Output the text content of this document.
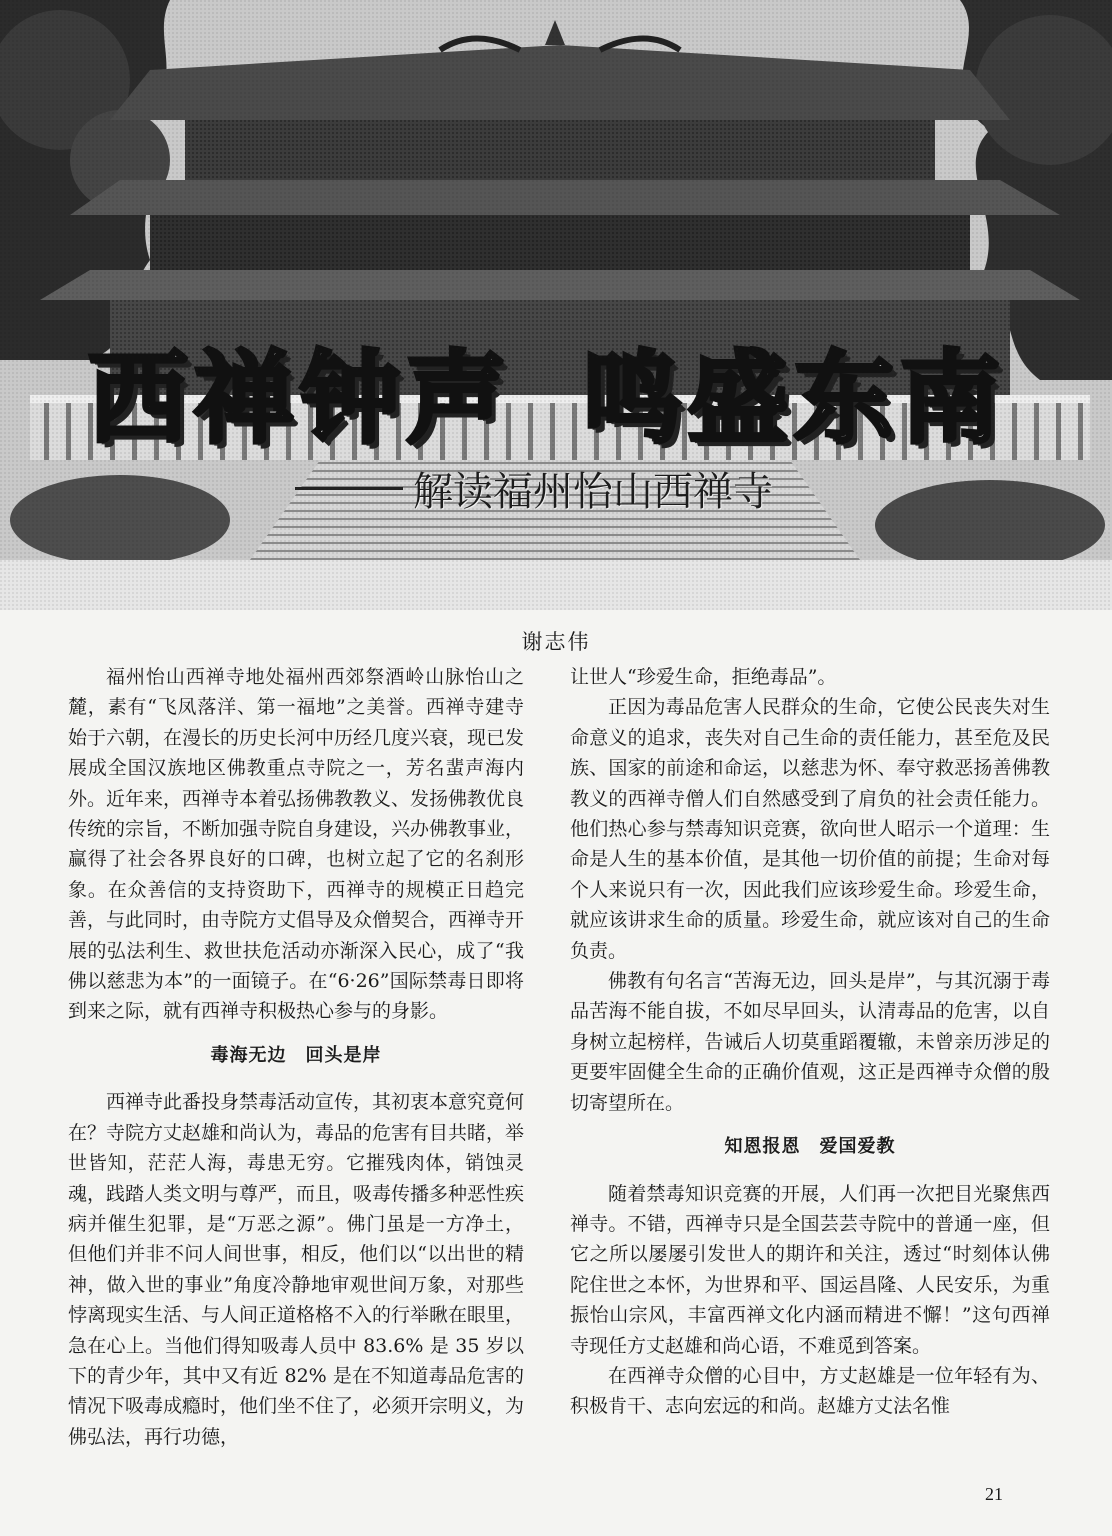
西禅钟声 鸣盛东南
解读福州怡山西禅寺
谢志伟

福州怡山西禅寺地处福州西郊祭酒岭山脉怡山之麓，素有“飞凤落洋、第一福地”之美誉。西禅寺建寺始于六朝，在漫长的历史长河中历经几度兴衰，现已发展成全国汉族地区佛教重点寺院之一，芳名蜚声海内外。近年来，西禅寺本着弘扬佛教教义、发扬佛教优良传统的宗旨，不断加强寺院自身建设，兴办佛教事业，赢得了社会各界良好的口碑，也树立起了它的名刹形象。在众善信的支持资助下，西禅寺的规模正日趋完善，与此同时，由寺院方丈倡导及众僧契合，西禅寺开展的弘法利生、救世扶危活动亦渐深入民心，成了“我佛以慈悲为本”的一面镜子。在“6·26”国际禁毒日即将到来之际，就有西禅寺积极热心参与的身影。

毒海无边　回头是岸

西禅寺此番投身禁毒活动宣传，其初衷本意究竟何在？寺院方丈赵雄和尚认为，毒品的危害有目共睹，举世皆知，茫茫人海，毒患无穷。它摧残肉体，销蚀灵魂，践踏人类文明与尊严，而且，吸毒传播多种恶性疾病并催生犯罪，是“万恶之源”。佛门虽是一方净土，但他们并非不问人间世事，相反，他们以“以出世的精神，做入世的事业”角度冷静地审观世间万象，对那些悖离现实生活、与人间正道格格不入的行举瞅在眼里，急在心上。当他们得知吸毒人员中 83.6% 是 35 岁以下的青少年，其中又有近 82% 是在不知道毒品危害的情况下吸毒成瘾时，他们坐不住了，必须开宗明义，为佛弘法，再行功德，

让世人“珍爱生命，拒绝毒品”。

正因为毒品危害人民群众的生命，它使公民丧失对生命意义的追求，丧失对自己生命的责任能力，甚至危及民族、国家的前途和命运，以慈悲为怀、奉守救恶扬善佛教教义的西禅寺僧人们自然感受到了肩负的社会责任能力。他们热心参与禁毒知识竞赛，欲向世人昭示一个道理：生命是人生的基本价值，是其他一切价值的前提；生命对每个人来说只有一次，因此我们应该珍爱生命。珍爱生命，就应该讲求生命的质量。珍爱生命，就应该对自己的生命负责。

佛教有句名言“苦海无边，回头是岸”，与其沉溺于毒品苦海不能自拔，不如尽早回头，认清毒品的危害，以自身树立起榜样，告诫后人切莫重蹈覆辙，未曾亲历涉足的更要牢固健全生命的正确价值观，这正是西禅寺众僧的殷切寄望所在。

知恩报恩　爱国爱教

随着禁毒知识竞赛的开展，人们再一次把目光聚焦西禅寺。不错，西禅寺只是全国芸芸寺院中的普通一座，但它之所以屡屡引发世人的期许和关注，透过“时刻体认佛陀住世之本怀，为世界和平、国运昌隆、人民安乐，为重振怡山宗风，丰富西禅文化内涵而精进不懈！”这句西禅寺现任方丈赵雄和尚心语，不难觅到答案。

在西禅寺众僧的心目中，方丈赵雄是一位年轻有为、积极肯干、志向宏远的和尚。赵雄方丈法名惟

21
